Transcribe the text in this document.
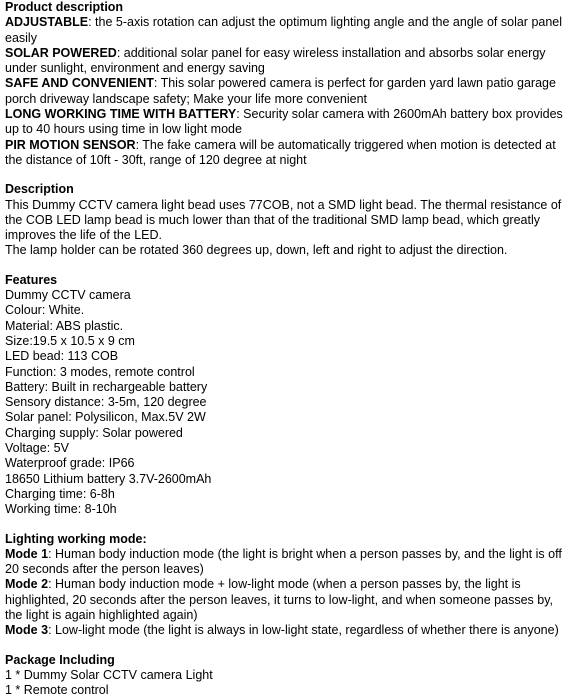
Product description

ADJUSTABLE: the 5-axis rotation can adjust the optimum lighting angle and the angle of solar panel easily

SOLAR POWERED: additional solar panel for easy wireless installation and absorbs solar energy under sunlight, environment and energy saving

SAFE AND CONVENIENT: This solar powered camera is perfect for garden yard lawn patio garage porch driveway landscape safety; Make your life more convenient

LONG WORKING TIME WITH BATTERY: Security solar camera with 2600mAh battery box provides up to 40 hours using time in low light mode

PIR MOTION SENSOR: The fake camera will be automatically triggered when motion is detected at the distance of 10ft - 30ft, range of 120 degree at night

Description

This Dummy CCTV camera light bead uses 77COB, not a SMD light bead. The thermal resistance of the COB LED lamp bead is much lower than that of the traditional SMD lamp bead, which greatly improves the life of the LED.

The lamp holder can be rotated 360 degrees up, down, left and right to adjust the direction.

Features

Dummy CCTV camera

Colour: White.

Material: ABS plastic.

Size:19.5 x 10.5 x 9 cm

LED bead: 113 COB

Function: 3 modes, remote control

Battery: Built in rechargeable battery

Sensory distance: 3-5m, 120 degree

Solar panel: Polysilicon, Max.5V 2W

Charging supply: Solar powered

Voltage: 5V

Waterproof grade: IP66

18650 Lithium battery 3.7V-2600mAh

Charging time: 6-8h

Working time: 8-10h

Lighting working mode:

Mode 1: Human body induction mode (the light is bright when a person passes by, and the light is off 20 seconds after the person leaves)

Mode 2: Human body induction mode + low-light mode (when a person passes by, the light is highlighted, 20 seconds after the person leaves, it turns to low-light, and when someone passes by, the light is again highlighted again)

Mode 3: Low-light mode (the light is always in low-light state, regardless of whether there is anyone)

Package Including

1 * Dummy Solar CCTV camera Light

1 * Remote control
